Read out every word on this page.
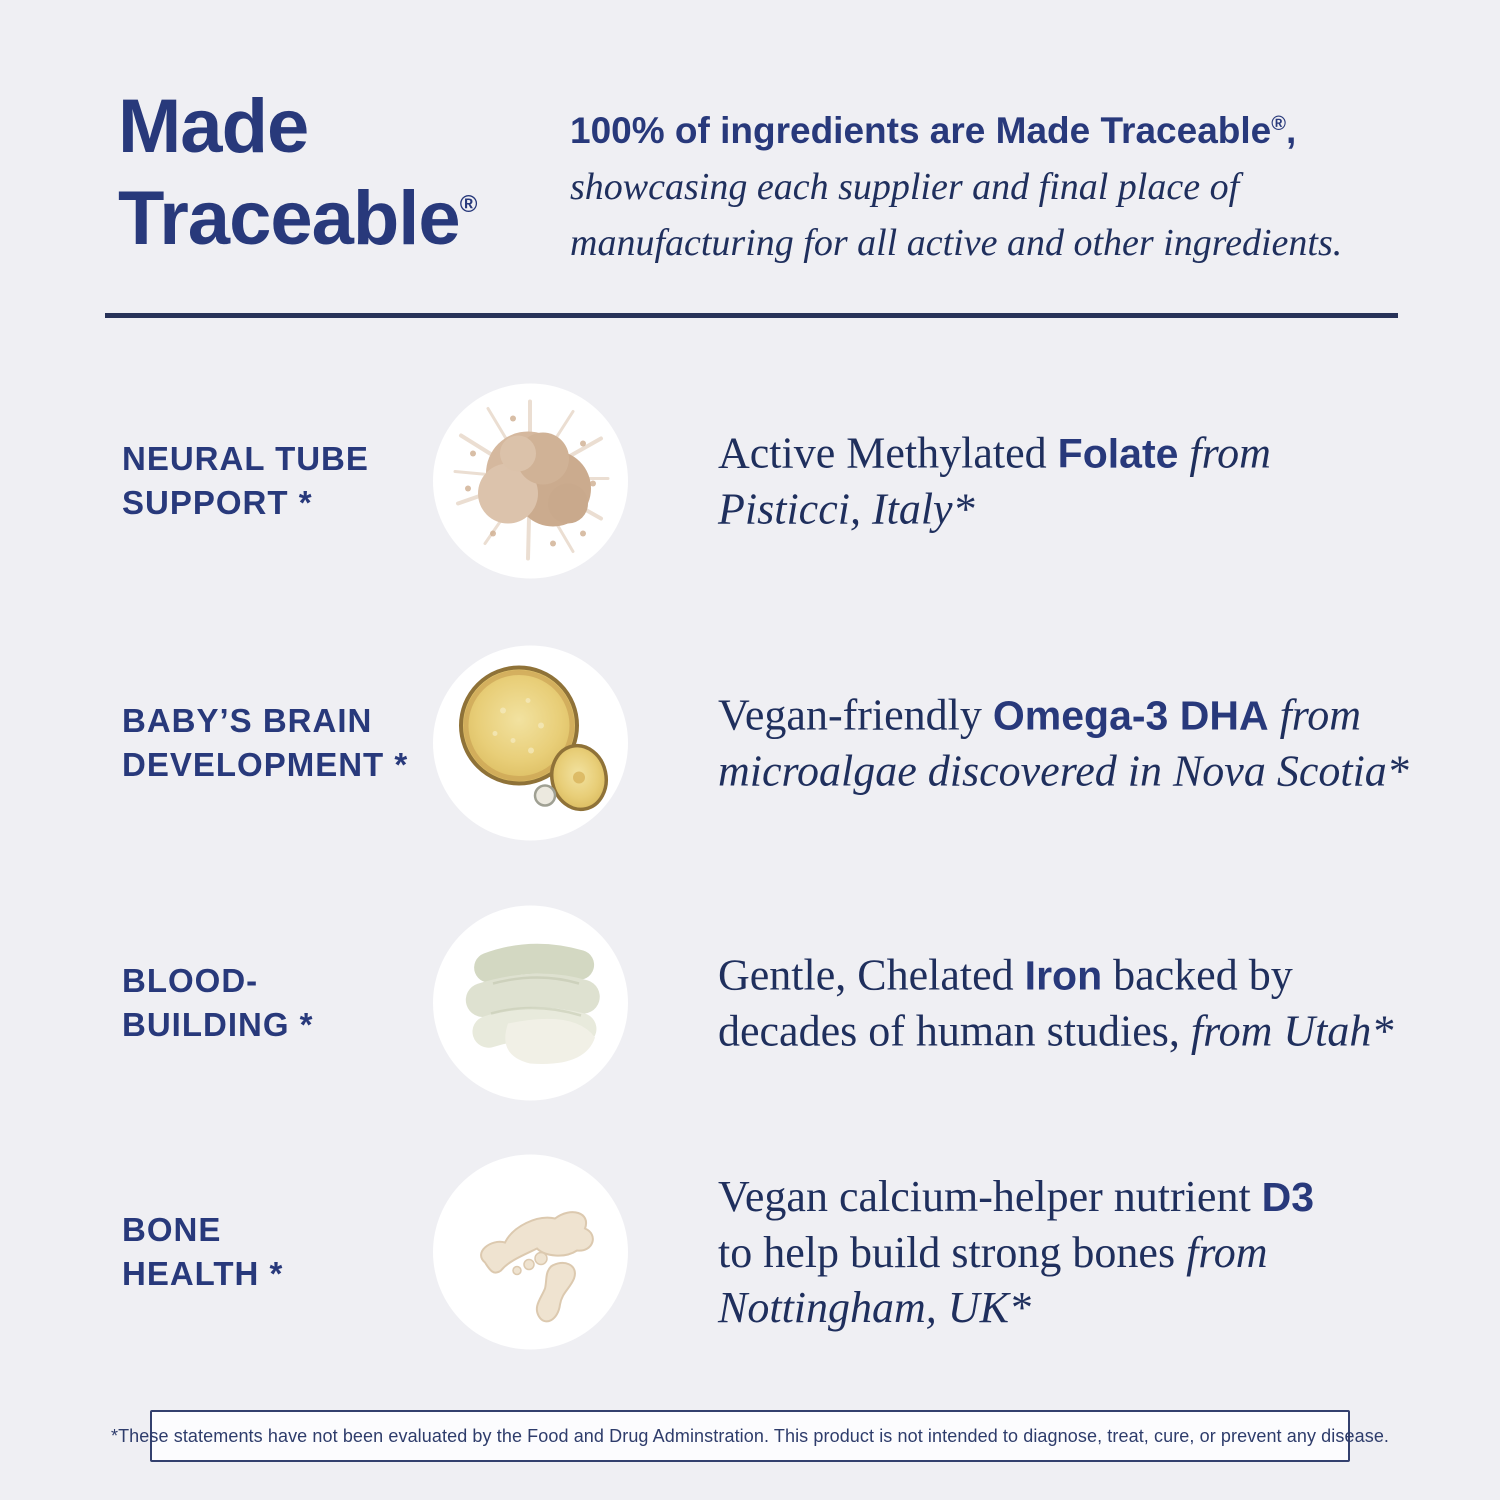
Made
Traceable®
100% of ingredients are Made Traceable®,
showcasing each supplier and final place of
manufacturing for all active and other ingredients.
NEURAL TUBE
SUPPORT *
Active Methylated Folate from
Pisticci, Italy*
BABY’S BRAIN
DEVELOPMENT *
Vegan-friendly Omega-3 DHA from
microalgae discovered in Nova Scotia*
BLOOD-
BUILDING *
Gentle, Chelated Iron backed by
decades of human studies, from Utah*
BONE
HEALTH *
Vegan calcium-helper nutrient D3
to help build strong bones from
Nottingham, UK*
*These statements have not been evaluated by the Food and Drug Adminstration. This product is not intended to diagnose, treat, cure, or prevent any disease.
